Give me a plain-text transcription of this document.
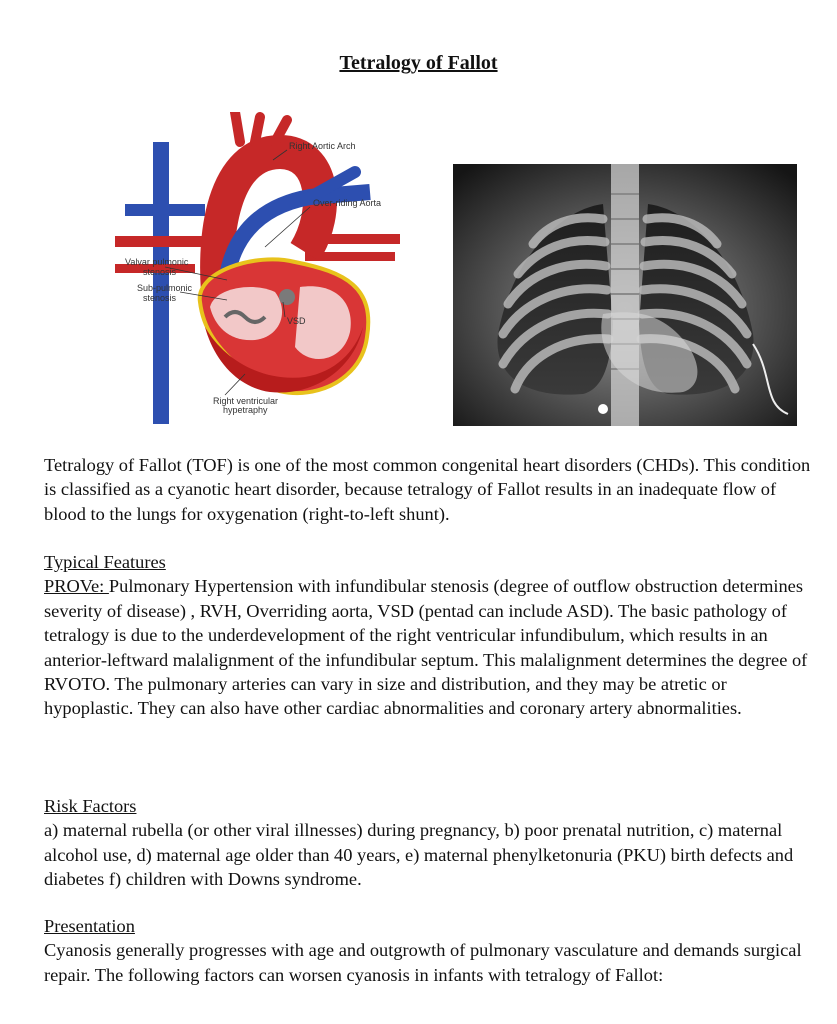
Tetralogy of Fallot
Right Aortic Arch
Over-riding Aorta
Valvar pulmonic
stenosis
Sub-pulmonic
stenosis
VSD
Right ventricular
hypetraphy

Tetralogy of Fallot (TOF) is one of the most common congenital heart disorders (CHDs). This condition is classified as a cyanotic heart disorder, because tetralogy of Fallot results in an inadequate flow of blood to the lungs for oxygenation (right-to-left shunt).

Typical Features

PROVe: Pulmonary Hypertension with infundibular stenosis (degree of outflow obstruction determines severity of disease) , RVH, Overriding aorta, VSD (pentad can include ASD). The basic pathology of tetralogy is due to the underdevelopment of the right ventricular infundibulum, which results in an anterior-leftward malalignment of the infundibular septum. This malalignment determines the degree of RVOTO. The pulmonary arteries can vary in size and distribution, and they may be atretic or hypoplastic. They can also have other cardiac abnormalities and coronary artery abnormalities.

Risk Factors

a) maternal rubella (or other viral illnesses) during pregnancy, b) poor prenatal nutrition, c) maternal alcohol use, d) maternal age older than 40 years, e) maternal phenylketonuria (PKU) birth defects and diabetes f) children with Downs syndrome.

Presentation

Cyanosis generally progresses with age and outgrowth of pulmonary vasculature and demands surgical repair. The following factors can worsen cyanosis in infants with tetralogy of Fallot:
